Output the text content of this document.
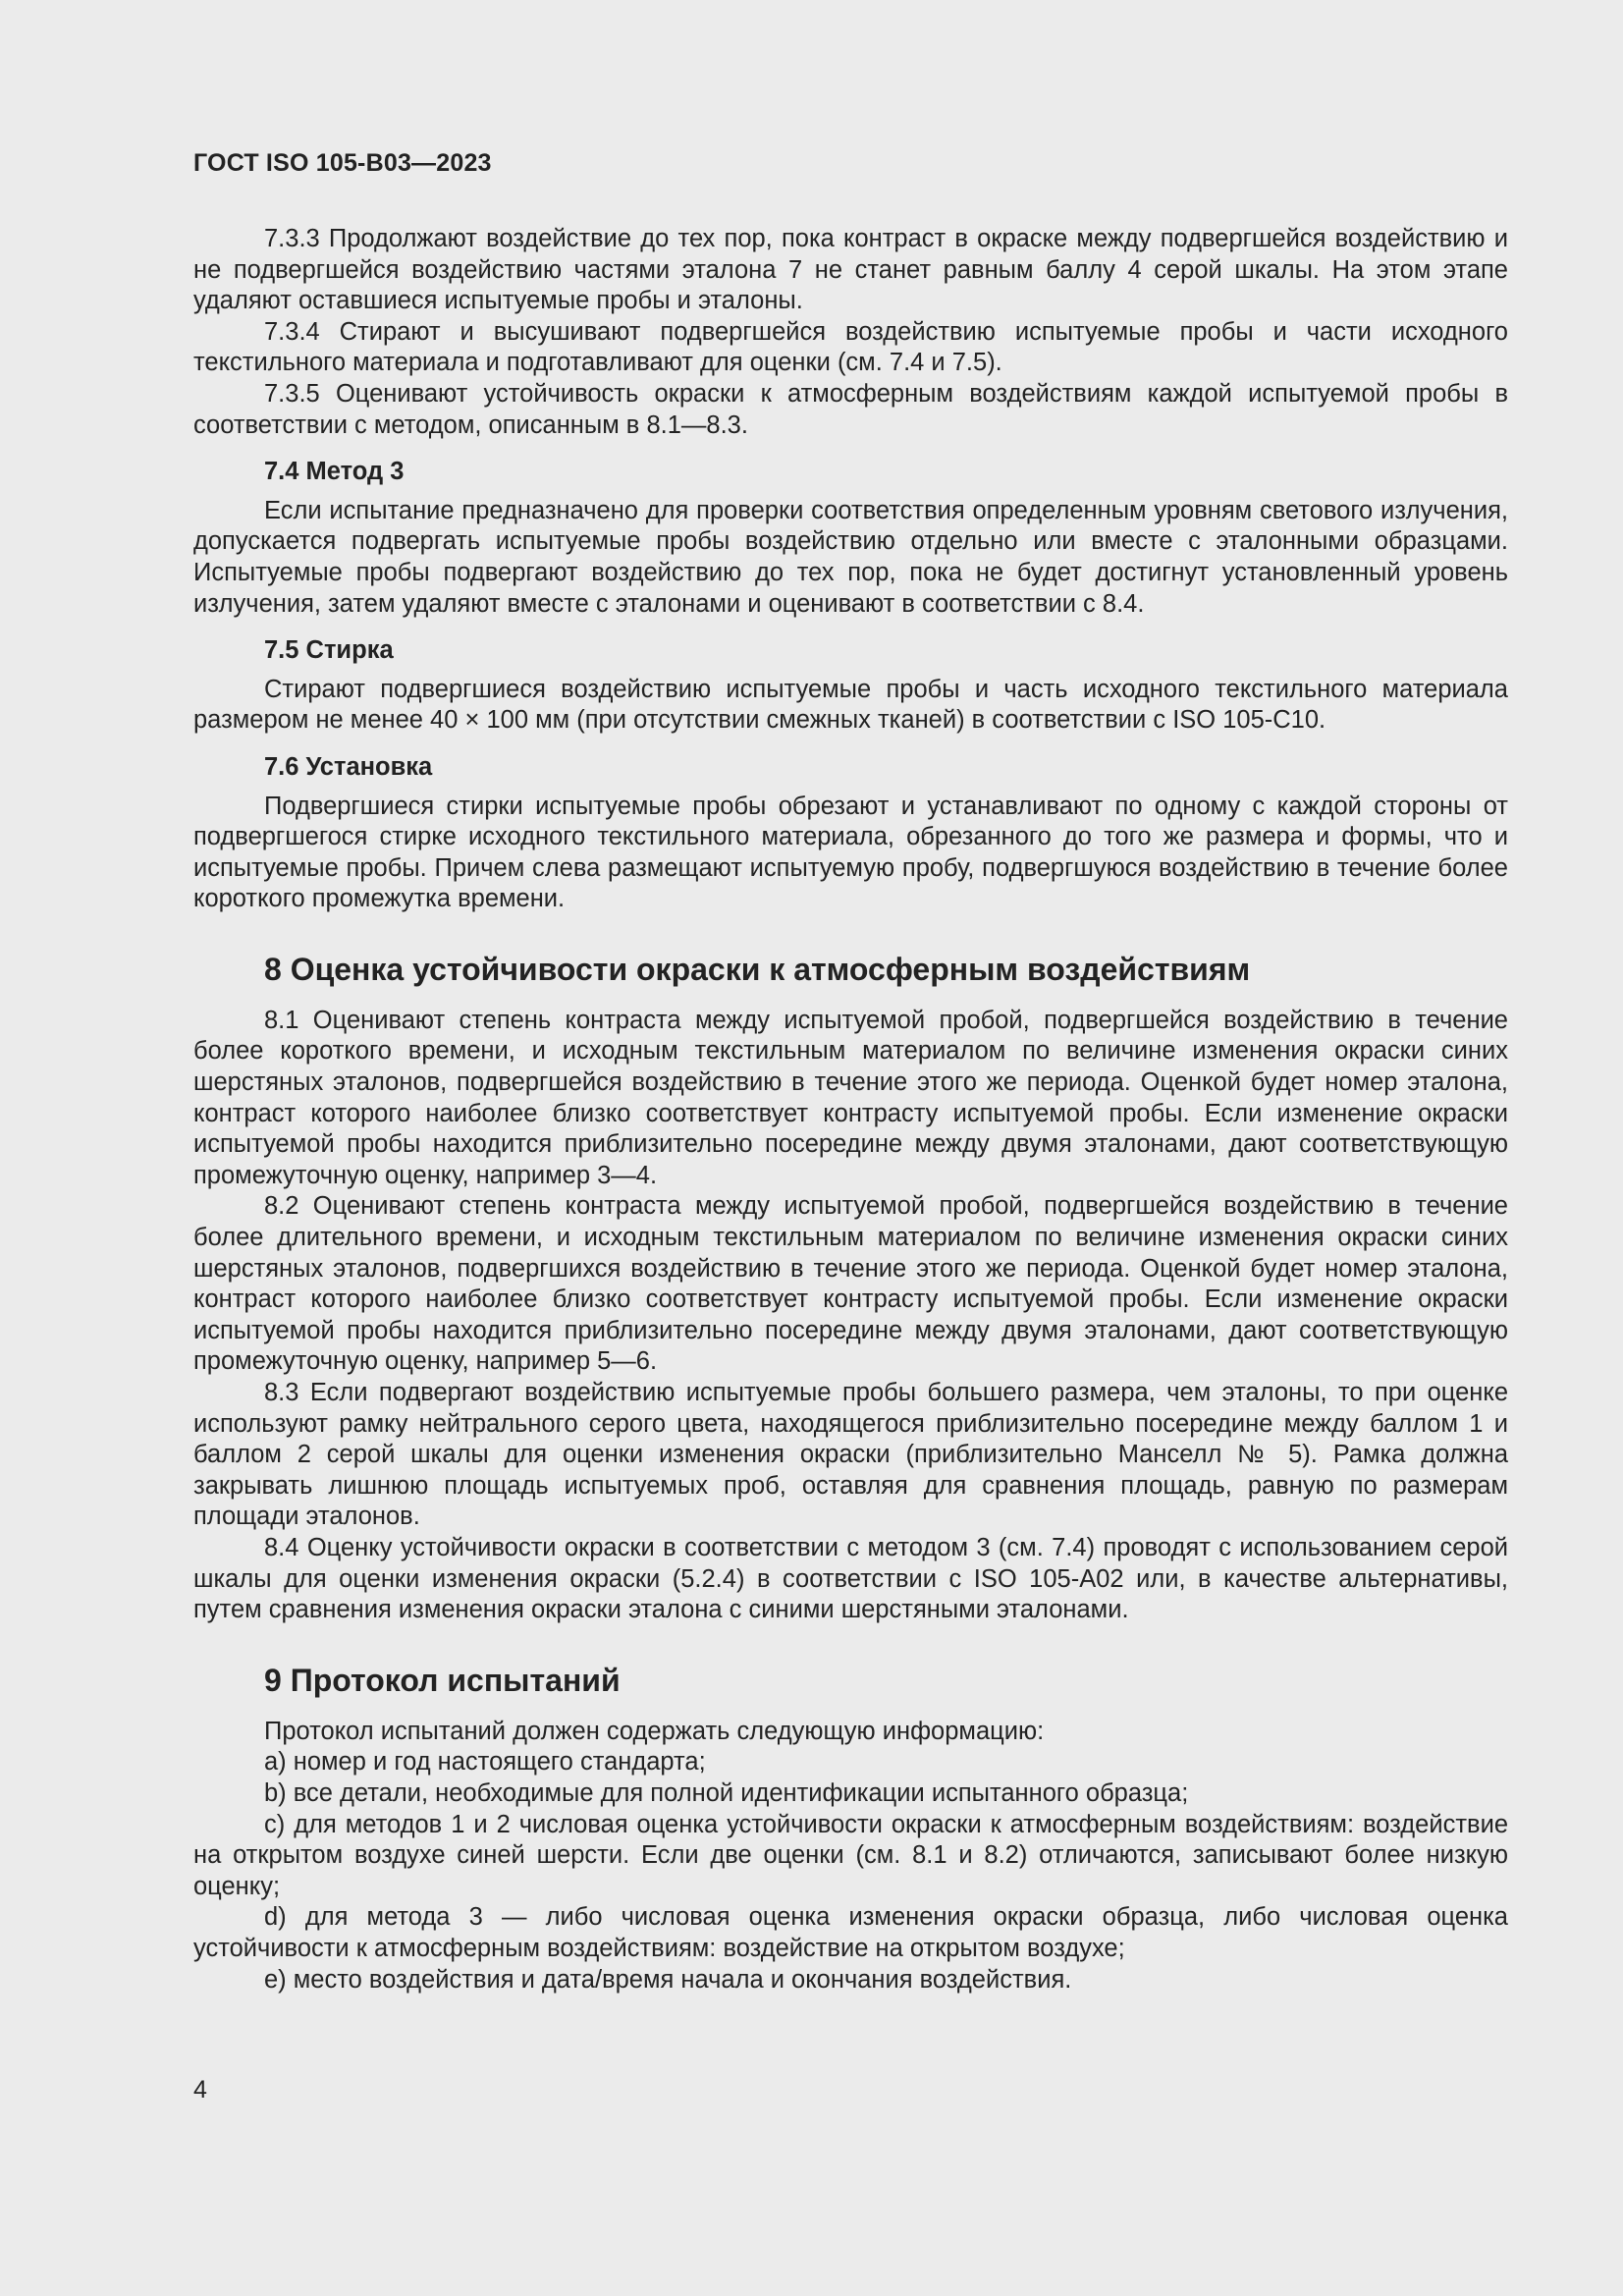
ГОСТ ISO 105-B03—2023

7.3.3 Продолжают воздействие до тех пор, пока контраст в окраске между подвергшейся воздействию и не подвергшейся воздействию частями эталона 7 не станет равным баллу 4 серой шкалы. На этом этапе удаляют оставшиеся испытуемые пробы и эталоны.

7.3.4 Стирают и высушивают подвергшейся воздействию испытуемые пробы и части исходного текстильного материала и подготавливают для оценки (см. 7.4 и 7.5).

7.3.5 Оценивают устойчивость окраски к атмосферным воздействиям каждой испытуемой пробы в соответствии с методом, описанным в 8.1—8.3.

7.4 Метод 3

Если испытание предназначено для проверки соответствия определенным уровням светового излучения, допускается подвергать испытуемые пробы воздействию отдельно или вместе с эталонными образцами. Испытуемые пробы подвергают воздействию до тех пор, пока не будет достигнут установленный уровень излучения, затем удаляют вместе с эталонами и оценивают в соответствии с 8.4.

7.5 Стирка

Стирают подвергшиеся воздействию испытуемые пробы и часть исходного текстильного материала размером не менее 40 × 100 мм (при отсутствии смежных тканей) в соответствии с ISO 105-C10.

7.6 Установка

Подвергшиеся стирки испытуемые пробы обрезают и устанавливают по одному с каждой стороны от подвергшегося стирке исходного текстильного материала, обрезанного до того же размера и формы, что и испытуемые пробы. Причем слева размещают испытуемую пробу, подвергшуюся воздействию в течение более короткого промежутка времени.

8 Оценка устойчивости окраски к атмосферным воздействиям

8.1 Оценивают степень контраста между испытуемой пробой, подвергшейся воздействию в течение более короткого времени, и исходным текстильным материалом по величине изменения окраски синих шерстяных эталонов, подвергшейся воздействию в течение этого же периода. Оценкой будет номер эталона, контраст которого наиболее близко соответствует контрасту испытуемой пробы. Если изменение окраски испытуемой пробы находится приблизительно посередине между двумя эталонами, дают соответствующую промежуточную оценку, например 3—4.

8.2 Оценивают степень контраста между испытуемой пробой, подвергшейся воздействию в течение более длительного времени, и исходным текстильным материалом по величине изменения окраски синих шерстяных эталонов, подвергшихся воздействию в течение этого же периода. Оценкой будет номер эталона, контраст которого наиболее близко соответствует контрасту испытуемой пробы. Если изменение окраски испытуемой пробы находится приблизительно посередине между двумя эталонами, дают соответствующую промежуточную оценку, например 5—6.

8.3 Если подвергают воздействию испытуемые пробы большего размера, чем эталоны, то при оценке используют рамку нейтрального серого цвета, находящегося приблизительно посередине между баллом 1 и баллом 2 серой шкалы для оценки изменения окраски (приблизительно Манселл № 5). Рамка должна закрывать лишнюю площадь испытуемых проб, оставляя для сравнения площадь, равную по размерам площади эталонов.

8.4 Оценку устойчивости окраски в соответствии с методом 3 (см. 7.4) проводят с использованием серой шкалы для оценки изменения окраски (5.2.4) в соответствии с ISO 105-A02 или, в качестве альтернативы, путем сравнения изменения окраски эталона с синими шерстяными эталонами.

9 Протокол испытаний

Протокол испытаний должен содержать следующую информацию:

a) номер и год настоящего стандарта;

b) все детали, необходимые для полной идентификации испытанного образца;

c) для методов 1 и 2 числовая оценка устойчивости окраски к атмосферным воздействиям: воздействие на открытом воздухе синей шерсти. Если две оценки (см. 8.1 и 8.2) отличаются, записывают более низкую оценку;

d) для метода 3 — либо числовая оценка изменения окраски образца, либо числовая оценка устойчивости к атмосферным воздействиям: воздействие на открытом воздухе;

e) место воздействия и дата/время начала и окончания воздействия.

4
